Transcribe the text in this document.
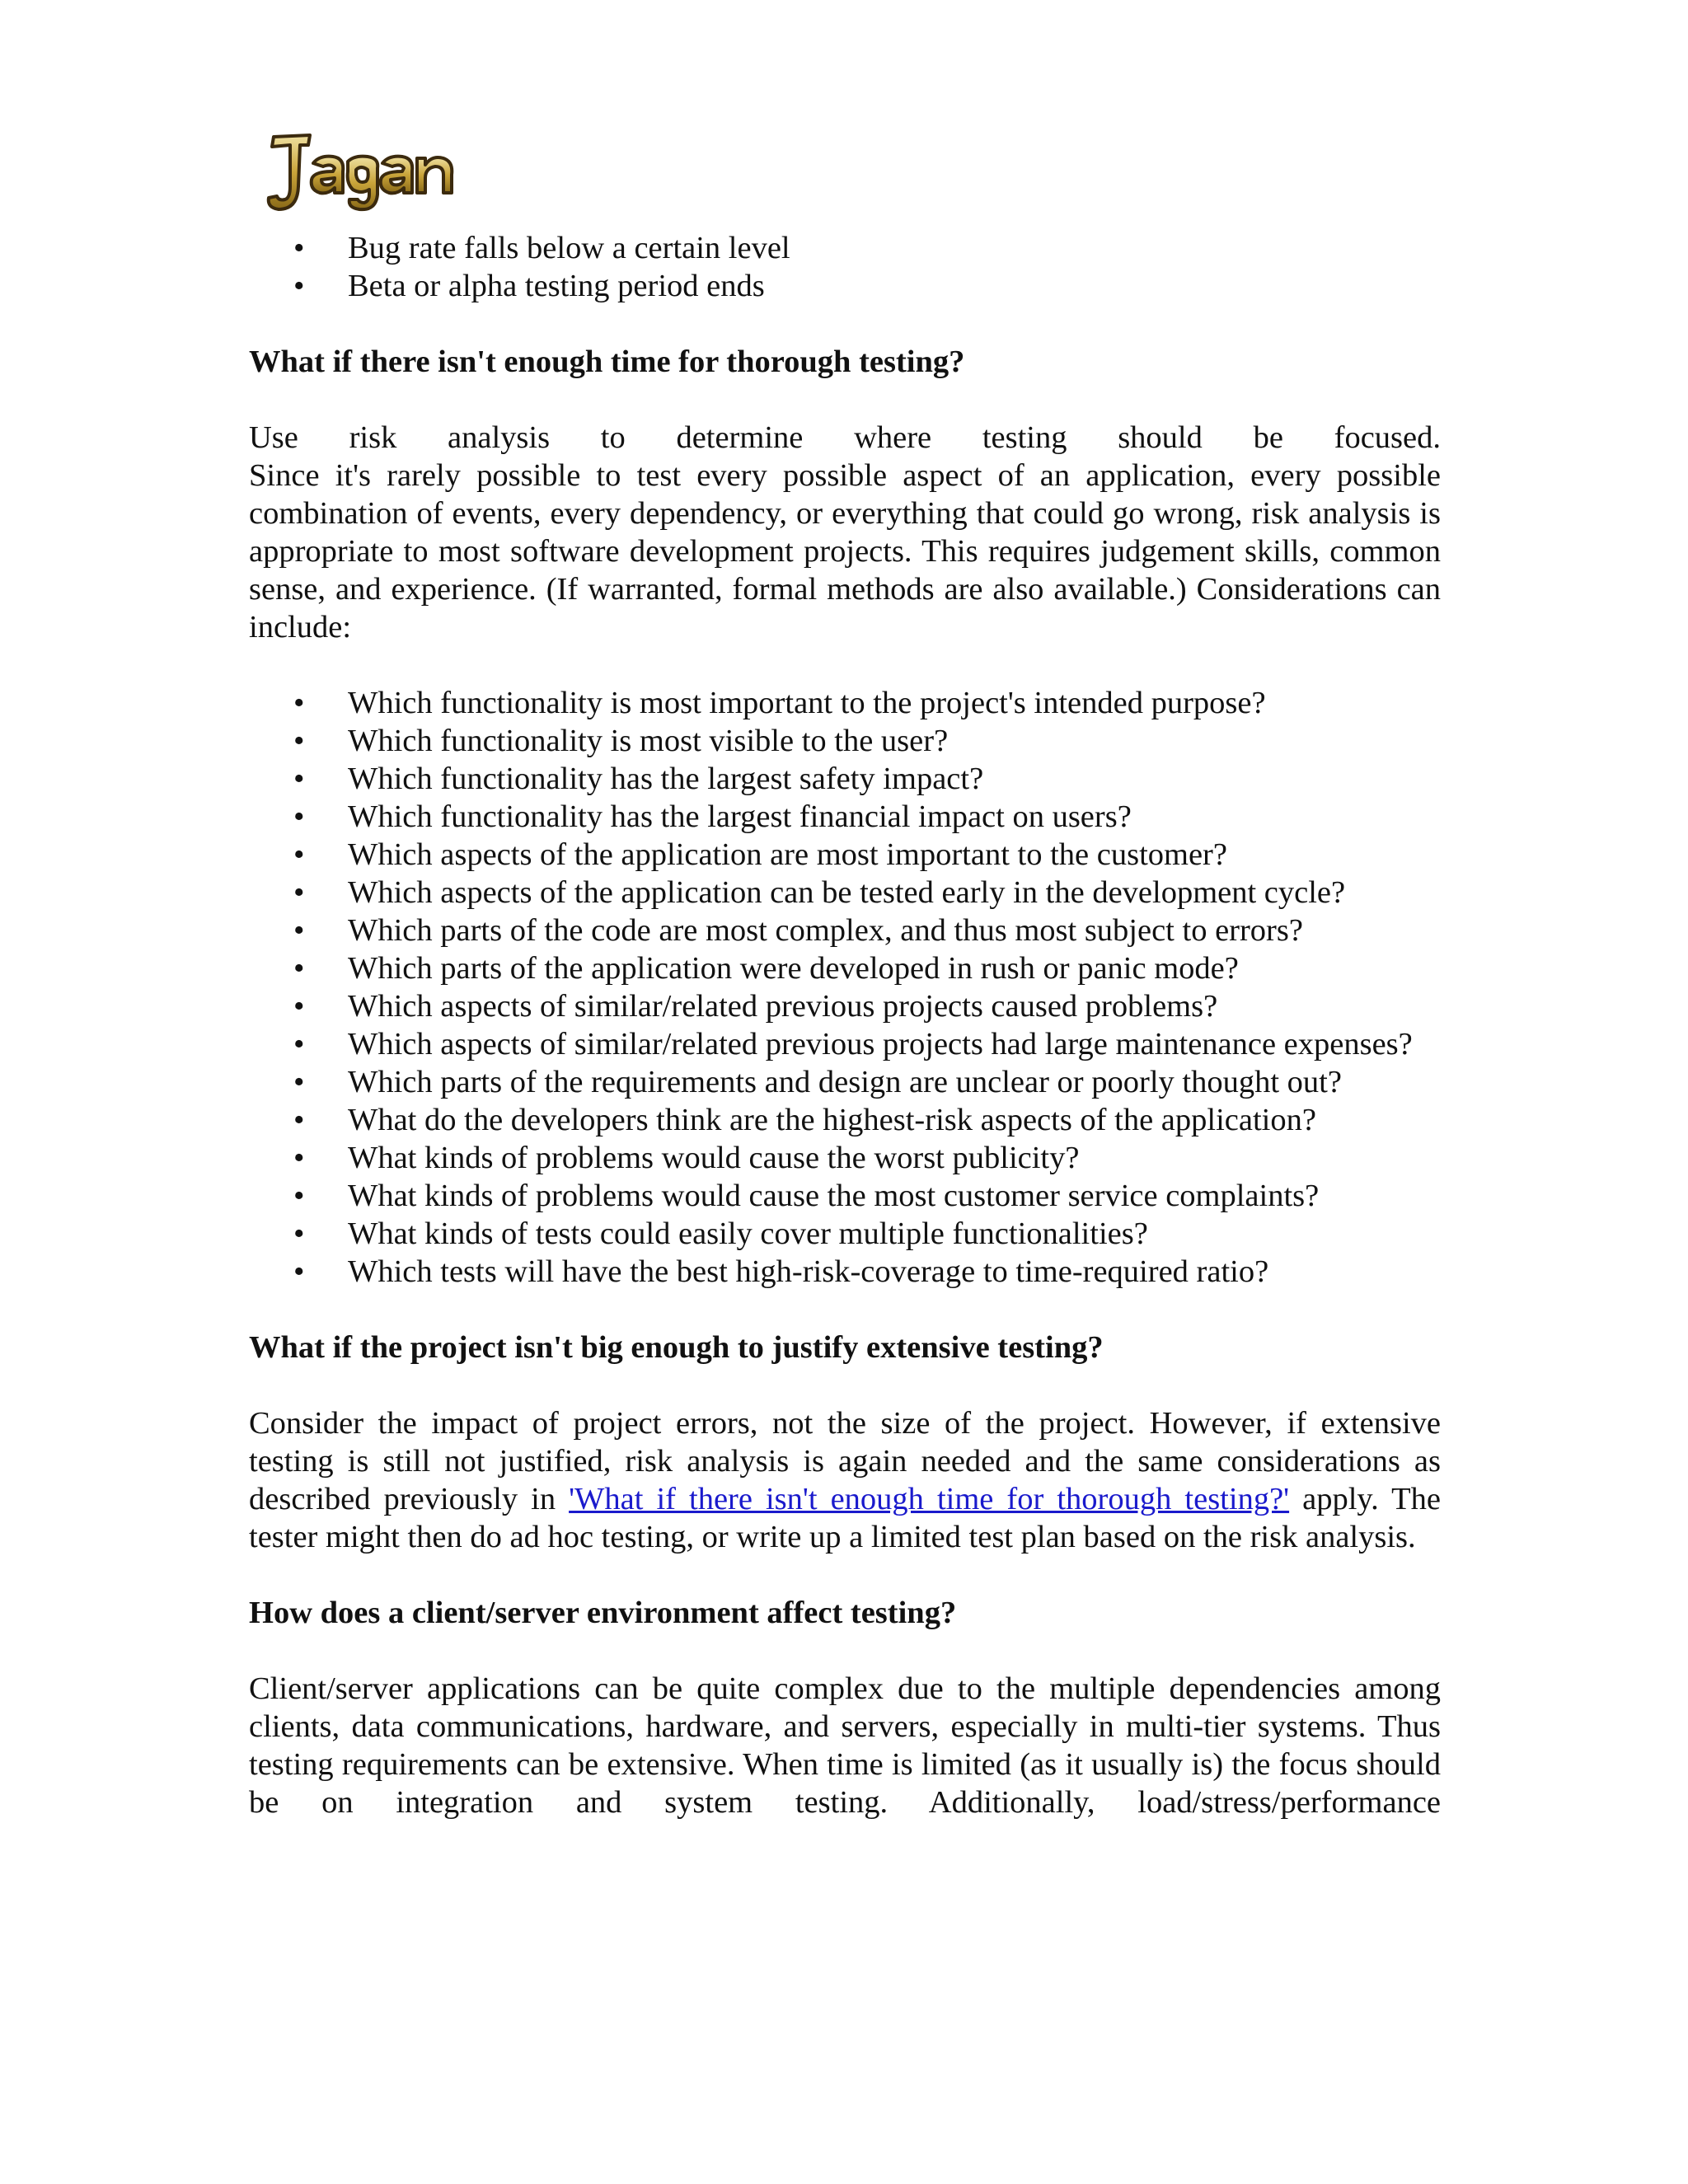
• Bug rate falls below a certain level
• Beta or alpha testing period ends
What if there isn't enough time for thorough testing?

Use risk analysis to determine where testing should be focused.

Since it's rarely possible to test every possible aspect of an application, every possible combination of events, every dependency, or everything that could go wrong, risk analysis is appropriate to most software development projects. This requires judgement skills, common sense, and experience. (If warranted, formal methods are also available.) Considerations can include:

• Which functionality is most important to the project's intended purpose?
• Which functionality is most visible to the user?
• Which functionality has the largest safety impact?
• Which functionality has the largest financial impact on users?
• Which aspects of the application are most important to the customer?
• Which aspects of the application can be tested early in the development cycle?
• Which parts of the code are most complex, and thus most subject to errors?
• Which parts of the application were developed in rush or panic mode?
• Which aspects of similar/related previous projects caused problems?
• Which aspects of similar/related previous projects had large maintenance expenses?
• Which parts of the requirements and design are unclear or poorly thought out?
• What do the developers think are the highest-risk aspects of the application?
• What kinds of problems would cause the worst publicity?
• What kinds of problems would cause the most customer service complaints?
• What kinds of tests could easily cover multiple functionalities?
• Which tests will have the best high-risk-coverage to time-required ratio?
What if the project isn't big enough to justify extensive testing?

Consider the impact of project errors, not the size of the project. However, if extensive testing is still not justified, risk analysis is again needed and the same considerations as described previously in 'What if there isn't enough time for thorough testing?' apply. The tester might then do ad hoc testing, or write up a limited test plan based on the risk analysis.

How does a client/server environment affect testing?

Client/server applications can be quite complex due to the multiple dependencies among clients, data communications, hardware, and servers, especially in multi-tier systems. Thus testing requirements can be extensive. When time is limited (as it usually is) the focus should be on integration and system testing. Additionally, load/stress/performance
